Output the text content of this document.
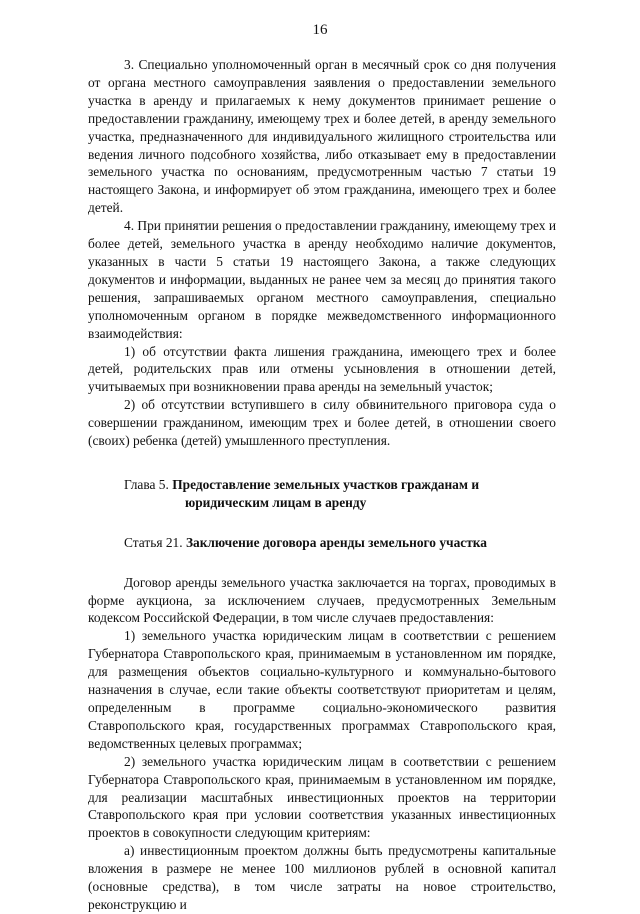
16

3. Специально уполномоченный орган в месячный срок со дня получения от органа местного самоуправления заявления о предоставлении земельного участка в аренду и прилагаемых к нему документов принимает решение о предоставлении гражданину, имеющему трех и более детей, в аренду земельного участка, предназначенного для индивидуального жилищного строительства или ведения личного подсобного хозяйства, либо отказывает ему в предоставлении земельного участка по основаниям, предусмотренным частью 7 статьи 19 настоящего Закона, и информирует об этом гражданина, имеющего трех и более детей.

4. При принятии решения о предоставлении гражданину, имеющему трех и более детей, земельного участка в аренду необходимо наличие документов, указанных в части 5 статьи 19 настоящего Закона, а также следующих документов и информации, выданных не ранее чем за месяц до принятия такого решения, запрашиваемых органом местного самоуправления, специально уполномоченным органом в порядке межведомственного информационного взаимодействия:

1) об отсутствии факта лишения гражданина, имеющего трех и более детей, родительских прав или отмены усыновления в отношении детей, учитываемых при возникновении права аренды на земельный участок;

2) об отсутствии вступившего в силу обвинительного приговора суда о совершении гражданином, имеющим трех и более детей, в отношении своего (своих) ребенка (детей) умышленного преступления.

Глава 5. Предоставление земельных участков гражданам и
юридическим лицам в аренду

Статья 21. Заключение договора аренды земельного участка

Договор аренды земельного участка заключается на торгах, проводимых в форме аукциона, за исключением случаев, предусмотренных Земельным кодексом Российской Федерации, в том числе случаев предоставления:

1) земельного участка юридическим лицам в соответствии с решением Губернатора Ставропольского края, принимаемым в установленном им порядке, для размещения объектов социально-культурного и коммунально-бытового назначения в случае, если такие объекты соответствуют приоритетам и целям, определенным в программе социально-экономического развития Ставропольского края, государственных программах Ставропольского края, ведомственных целевых программах;

2) земельного участка юридическим лицам в соответствии с решением Губернатора Ставропольского края, принимаемым в установленном им порядке, для реализации масштабных инвестиционных проектов на территории Ставропольского края при условии соответствия указанных инвестиционных проектов в совокупности следующим критериям:

а) инвестиционным проектом должны быть предусмотрены капитальные вложения в размере не менее 100 миллионов рублей в основной капитал (основные средства), в том числе затраты на новое строительство, реконструкцию и
